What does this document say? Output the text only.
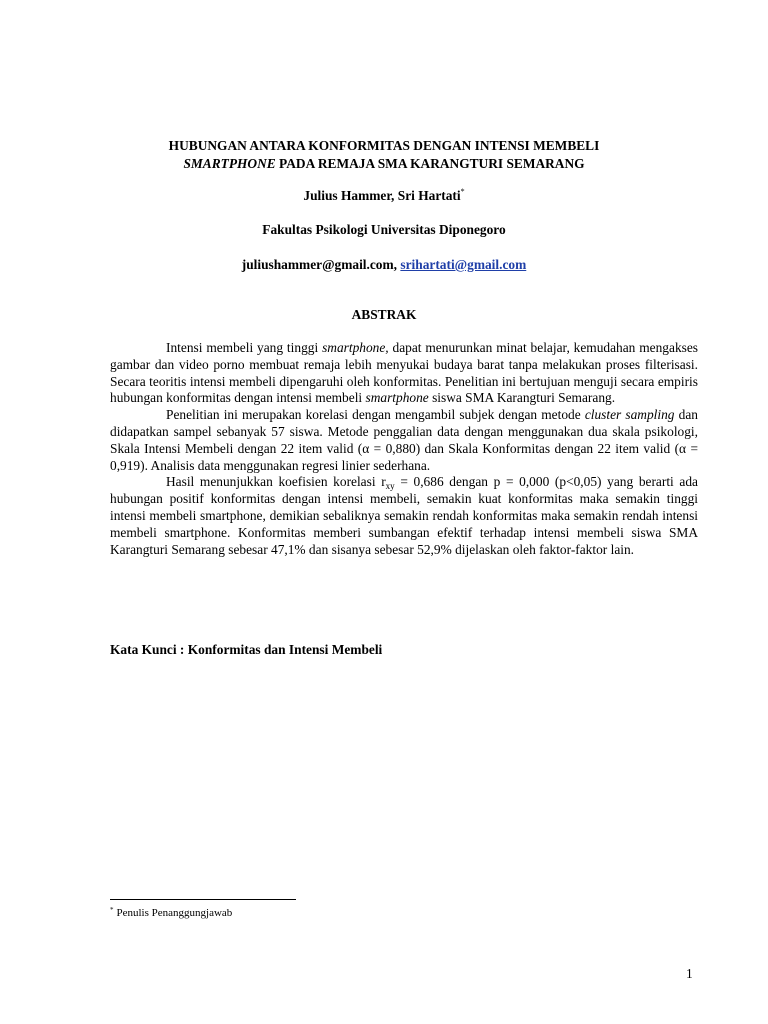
HUBUNGAN ANTARA KONFORMITAS DENGAN INTENSI MEMBELI
SMARTPHONE PADA REMAJA SMA KARANGTURI SEMARANG
Julius Hammer, Sri Hartati*
Fakultas Psikologi Universitas Diponegoro
juliushammer@gmail.com, srihartati@gmail.com
ABSTRAK

Intensi membeli yang tinggi smartphone, dapat menurunkan minat belajar, kemudahan mengakses gambar dan video porno membuat remaja lebih menyukai budaya barat tanpa melakukan proses filterisasi. Secara teoritis intensi membeli dipengaruhi oleh konformitas. Penelitian ini bertujuan menguji secara empiris hubungan konformitas dengan intensi membeli smartphone siswa SMA Karangturi Semarang.

Penelitian ini merupakan korelasi dengan mengambil subjek dengan metode cluster sampling dan didapatkan sampel sebanyak 57 siswa. Metode penggalian data dengan menggunakan dua skala psikologi, Skala Intensi Membeli dengan 22 item valid (α = 0,880) dan Skala Konformitas dengan 22 item valid (α = 0,919). Analisis data menggunakan regresi linier sederhana.

Hasil menunjukkan koefisien korelasi $r_{xy} = 0,686$ dengan p = 0,000 (p<0,05) yang berarti ada hubungan positif konformitas dengan intensi membeli, semakin kuat konformitas maka semakin tinggi intensi membeli smartphone, demikian sebaliknya semakin rendah konformitas maka semakin rendah intensi membeli smartphone. Konformitas memberi sumbangan efektif terhadap intensi membeli siswa SMA Karangturi Semarang sebesar 47,1% dan sisanya sebesar 52,9% dijelaskan oleh faktor-faktor lain.

Kata Kunci : Konformitas dan Intensi Membeli
* Penulis Penanggungjawab
1
